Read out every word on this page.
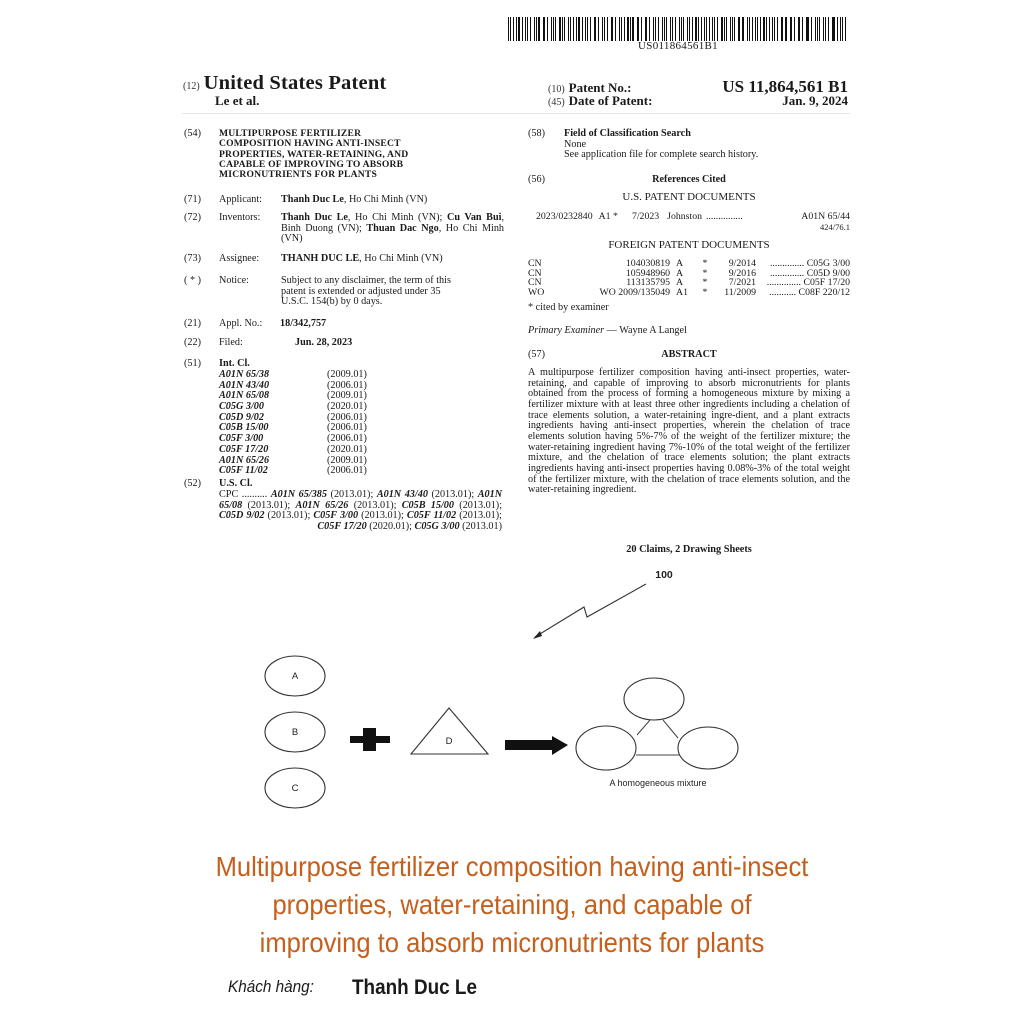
US011864561B1
(12) United States Patent
Le et al.
(10) Patent No.:	US 11,864,561 B1
(45) Date of Patent:	Jan. 9, 2024
(54) MULTIPURPOSE FERTILIZER
COMPOSITION HAVING ANTI-INSECT
PROPERTIES, WATER-RETAINING, AND
CAPABLE OF IMPROVING TO ABSORB
MICRONUTRIENTS FOR PLANTS
(71) Applicant: Thanh Duc Le, Ho Chi Minh (VN)
(72) Inventors: Thanh Duc Le, Ho Chi Minh (VN); Cu Van Bui, Binh Duong (VN); Thuan Dac Ngo, Ho Chi Minh (VN)
(73) Assignee: THANH DUC LE, Ho Chi Minh (VN)
( * ) Notice:	Subject to any disclaimer, the term of this
patent is extended or adjusted under 35
U.S.C. 154(b) by 0 days.
(21) Appl. No.: 18/342,757
(22) Filed:	Jun. 28, 2023
(51) Int. Cl.
A01N 65/38	(2009.01)
A01N 43/40	(2006.01)
A01N 65/08	(2009.01)
C05G 3/00	(2020.01)
C05D 9/02	(2006.01)
C05B 15/00	(2006.01)
C05F 3/00	(2006.01)
C05F 17/20	(2020.01)
A01N 65/26	(2009.01)
C05F 11/02	(2006.01)
(52) U.S. Cl.
CPC .......... A01N 65/385 (2013.01); A01N 43/40 (2013.01); A01N 65/08 (2013.01); A01N 65/26 (2013.01); C05B 15/00 (2013.01); C05D 9/02 (2013.01); C05F 3/00 (2013.01); C05F 11/02 (2013.01); C05F 17/20 (2020.01); C05G 3/00 (2013.01)
(58) Field of Classification Search
None
See application file for complete search history.
(56)	References Cited
U.S. PATENT DOCUMENTS
2023/0232840 A1 * 7/2023 Johnston ...............	A01N 65/44
424/76.1
FOREIGN PATENT DOCUMENTS
CN	104030819 A	*	9/2014	.............. C05G 3/00
CN	105948960 A	*	9/2016	.............. C05D 9/00
CN	113135795 A	*	7/2021	.............. C05F 17/20
WO	WO 2009/135049 A1	*	11/2009	........... C08F 220/12
* cited by examiner
Primary Examiner — Wayne A Langel
(57)	ABSTRACT
A multipurpose fertilizer composition having anti-insect properties, water-retaining, and capable of improving to absorb micronutrients for plants obtained from the process of forming a homogeneous mixture by mixing a fertilizer mixture with at least three other ingredients including a chelation of trace elements solution, a water-retaining ingre-dient, and a plant extracts ingredients having anti-insect properties, wherein the chelation of trace elements solution having 5%-7% of the weight of the fertilizer mixture; the water-retaining ingredient having 7%-10% of the total weight of the fertilizer mixture, and the chelation of trace elements solution; the plant extracts ingredients having anti-insect properties having 0.08%-3% of the total weight of the fertilizer mixture, with the chelation of trace elements solution, and the water-retaining ingredient.
20 Claims, 2 Drawing Sheets
100
A
B
C
D
A homogeneous mixture
Multipurpose fertilizer composition having anti-insect
properties, water-retaining, and capable of
improving to absorb micronutrients for plants
Khách hàng: Thanh Duc Le
